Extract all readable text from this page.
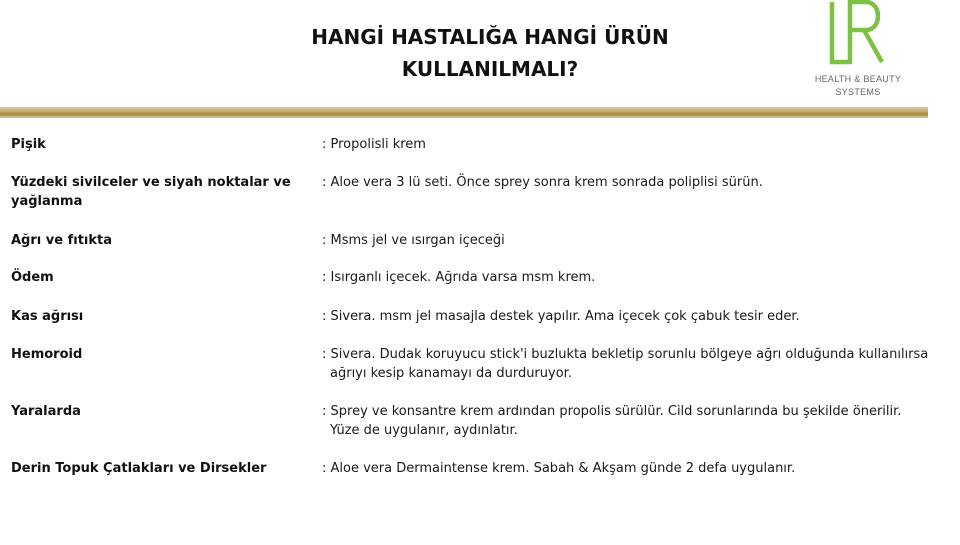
HANGİ HASTALIĞA HANGİ ÜRÜN
KULLANILMALI?	HEALTH & BEAUTY
SYSTEMS
Pişik	: Propolisli krem
Yüzdeki sivilceler ve siyah noktalar ve yağlanma
: Aloe vera 3 lü seti. Önce sprey sonra krem sonrada poliplisi sürün.
Ağrı ve fıtıkta	: Msms jel ve ısırgan içeceği
Ödem	: Isırganlı içecek. Ağrıda varsa msm krem.
Kas ağrısı	: Sivera. msm jel masajla destek yapılır. Ama içecek çok çabuk tesir eder.
Hemoroid	: Sivera. Dudak koruyucu stick'i buzlukta bekletip sorunlu bölgeye ağrı olduğunda kullanılırsa
ağrıyı kesip kanamayı da durduruyor.
Yaralarda	: Sprey ve konsantre krem ardından propolis sürülür. Cild sorunlarında bu şekilde önerilir.
Yüze de uygulanır, aydınlatır.
Derin Topuk Çatlakları ve Dirsekler	: Aloe vera Dermaintense krem. Sabah & Akşam günde 2 defa uygulanır.
